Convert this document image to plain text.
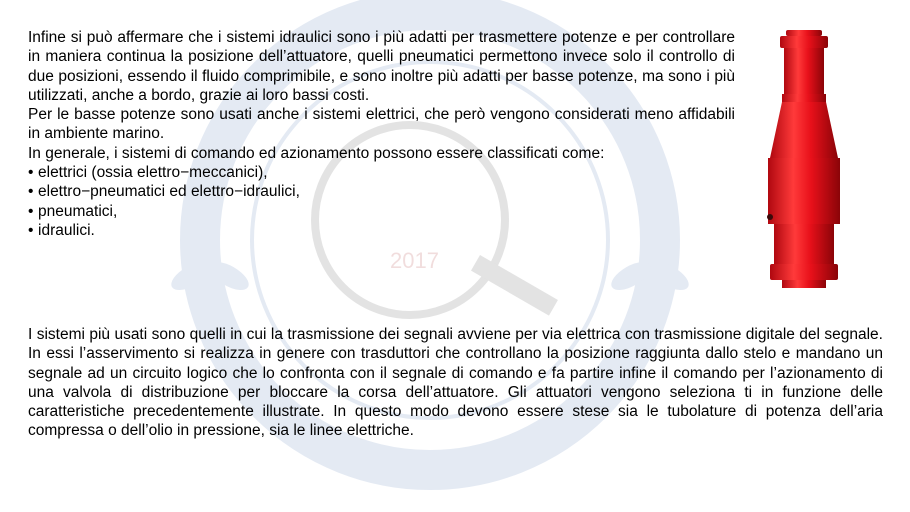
2017

Infine si può affermare che i sistemi idraulici sono i più adatti per trasmettere potenze e per controllare in maniera continua la posizione dell’attuatore, quelli pneumatici permettono invece solo il controllo di due posizioni, essendo il fluido comprimibile, e sono inoltre più adatti per basse potenze, ma sono i più utilizzati, anche a bordo, grazie ai loro bassi costi.

Per le basse potenze sono usati anche i sistemi elettrici, che però vengono considerati meno affidabili in ambiente marino.

In generale, i sistemi di comando ed azionamento possono essere classificati come:

• elettrici (ossia elettro−meccanici),
• elettro−pneumatici ed elettro−idraulici,
• pneumatici,
• idraulici.

I sistemi più usati sono quelli in cui la trasmissione dei segnali avviene per via elettrica con trasmissione digitale del segnale. In essi l’asservimento si realizza in genere con trasduttori che controllano la posizione raggiunta dallo stelo e mandano un segnale ad un circuito logico che lo confronta con il segnale di comando e fa partire infine il comando per l’azionamento di una valvola di distribuzione per bloccare la corsa dell’attuatore. Gli attuatori vengono seleziona ti in funzione delle caratteristiche precedentemente illustrate. In questo modo devono essere stese sia le tubolature di potenza dell’aria compressa o dell’olio in pressione, sia le linee elettriche.
